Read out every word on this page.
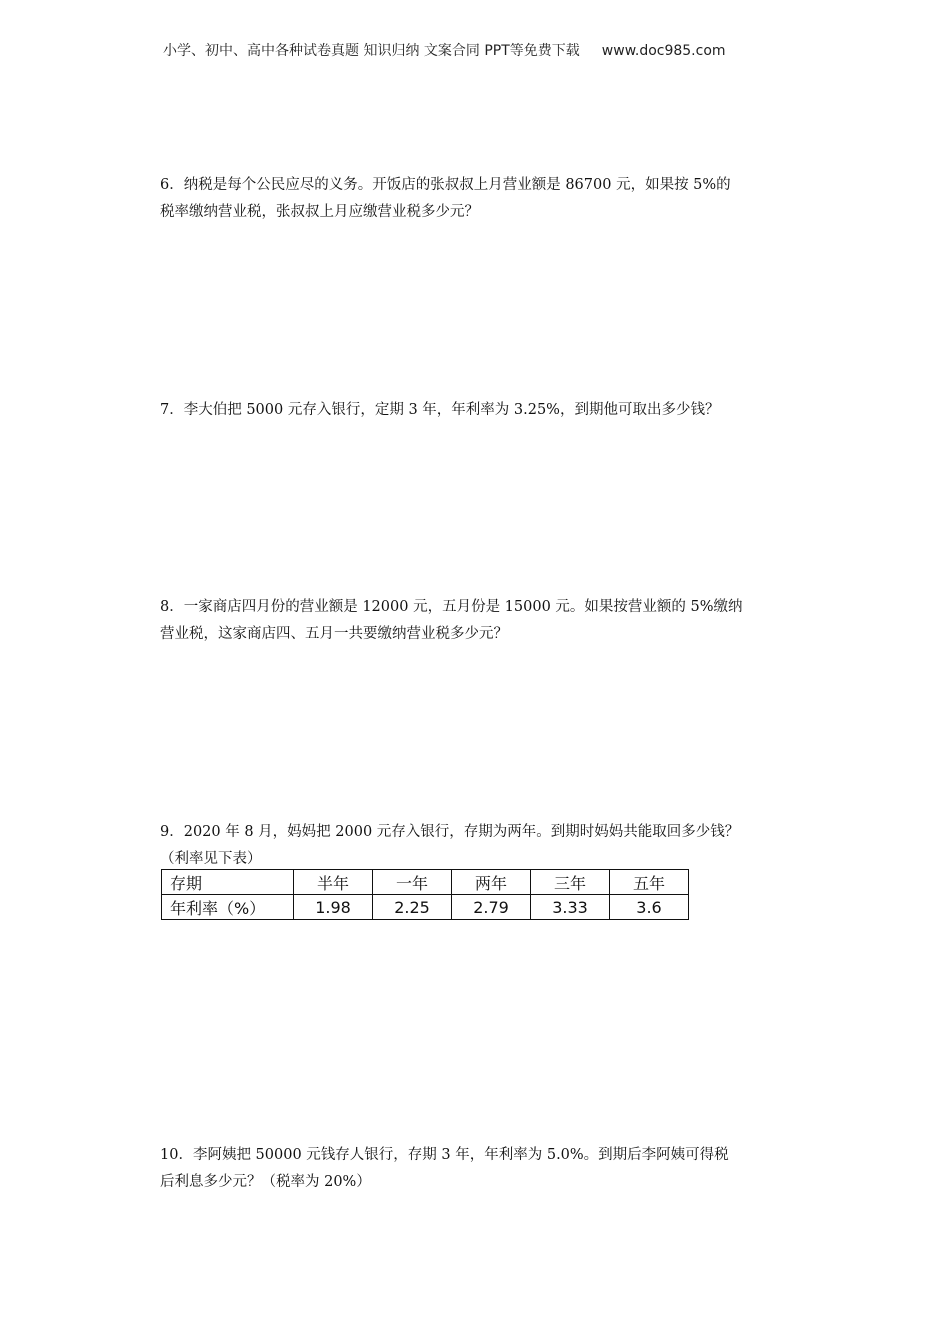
小学、初中、高中各种试卷真题 知识归纳 文案合同 PPT等免费下载 www.doc985.com
6．纳税是每个公民应尽的义务。开饭店的张叔叔上月营业额是 86700 元，如果按 5%的
税率缴纳营业税，张叔叔上月应缴营业税多少元？
7．李大伯把 5000 元存入银行，定期 3 年，年利率为 3.25%，到期他可取出多少钱？
8．一家商店四月份的营业额是 12000 元，五月份是 15000 元。如果按营业额的 5%缴纳
营业税，这家商店四、五月一共要缴纳营业税多少元？
9．2020 年 8 月，妈妈把 2000 元存入银行，存期为两年。到期时妈妈共能取回多少钱？
（利率见下表）
存期	半年	一年	两年	三年	五年
年利率（%）	1.98	2.25	2.79	3.33	3.6
10．李阿姨把 50000 元钱存人银行，存期 3 年，年利率为 5.0%。到期后李阿姨可得税
后利息多少元？（税率为 20%）
